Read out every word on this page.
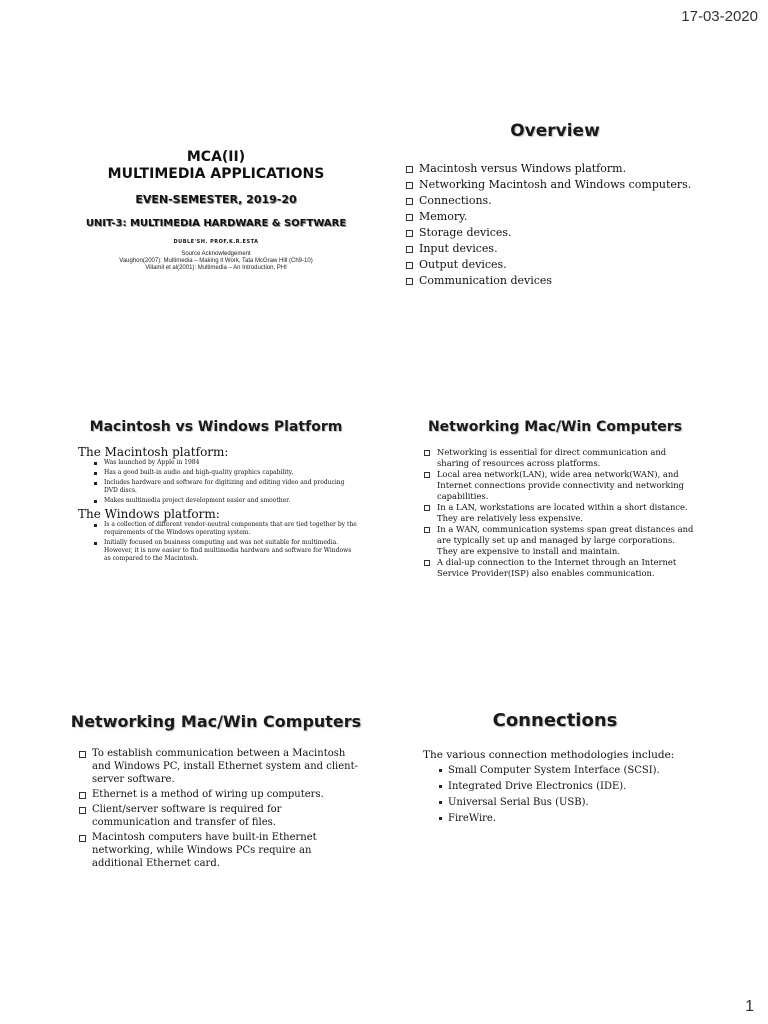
17-03-2020
MCA(II)
MULTIMEDIA APPLICATIONS
EVEN-SEMESTER, 2019-20
UNIT-3: MULTIMEDIA HARDWARE & SOFTWARE
DUBLE'SH. PROF.K.R.ESTA
Source Acknowledgement
Vaughon(2007): Multimedia – Making it Work, Tata McGraw Hill (Ch9-10)
Villamil et al(2001): Multimedia – An Introduction, PHI
Overview
Macintosh versus Windows platform.
Networking Macintosh and Windows computers.
Connections.
Memory.
Storage devices.
Input devices.
Output devices.
Communication devices
Macintosh vs Windows Platform
The Macintosh platform:
Was launched by Apple in 1984
Has a good built-in audio and high-quality graphics capability.
Includes hardware and software for digitizing and editing video and producing DVD discs.
Makes multimedia project development easier and smoother.
The Windows platform:
Is a collection of different vendor-neutral components that are tied together by the requirements of the Windows operating system.
Initially focused on business computing and was not suitable for multimedia. However, it is now easier to find multimedia hardware and software for Windows as compared to the Macintosh.
Networking Mac/Win Computers
Networking is essential for direct communication and sharing of resources across platforms.
Local area network(LAN), wide area network(WAN), and Internet connections provide connectivity and networking capabilities.
In a LAN, workstations are located within a short distance. They are relatively less expensive.
In a WAN, communication systems span great distances and are typically set up and managed by large corporations. They are expensive to install and maintain.
A dial-up connection to the Internet through an Internet Service Provider(ISP) also enables communication.
Networking Mac/Win Computers
To establish communication between a Macintosh and Windows PC, install Ethernet system and client-server software.
Ethernet is a method of wiring up computers.
Client/server software is required for communication and transfer of files.
Macintosh computers have built-in Ethernet networking, while Windows PCs require an additional Ethernet card.
Connections
The various connection methodologies include:
Small Computer System Interface (SCSI).
Integrated Drive Electronics (IDE).
Universal Serial Bus (USB).
FireWire.
1
